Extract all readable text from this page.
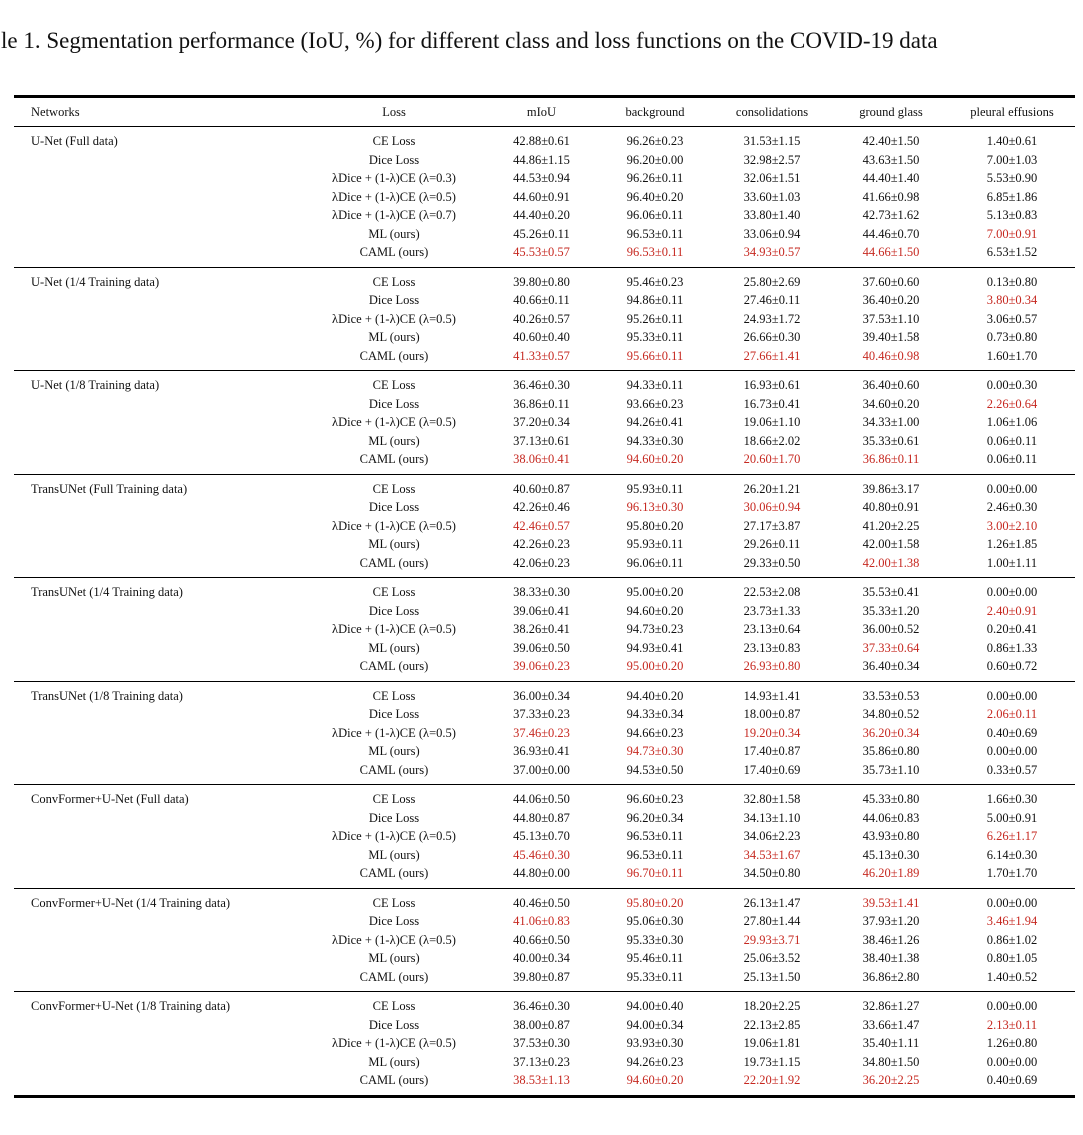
le 1. Segmentation performance (IoU, %) for different class and loss functions on the COVID-19 data
Networks	Loss	mIoU	background	consolidations	ground glass	pleural effusions
U-Net (Full data)	CE Loss	42.88±0.61	96.26±0.23	31.53±1.15	42.40±1.50	1.40±0.61
	Dice Loss	44.86±1.15	96.20±0.00	32.98±2.57	43.63±1.50	7.00±1.03
	λDice + (1-λ)CE (λ=0.3)	44.53±0.94	96.26±0.11	32.06±1.51	44.40±1.40	5.53±0.90
	λDice + (1-λ)CE (λ=0.5)	44.60±0.91	96.40±0.20	33.60±1.03	41.66±0.98	6.85±1.86
	λDice + (1-λ)CE (λ=0.7)	44.40±0.20	96.06±0.11	33.80±1.40	42.73±1.62	5.13±0.83
	ML (ours)	45.26±0.11	96.53±0.11	33.06±0.94	44.46±0.70	7.00±0.91
	CAML (ours)	45.53±0.57	96.53±0.11	34.93±0.57	44.66±1.50	6.53±1.52
U-Net (1/4 Training data)	CE Loss	39.80±0.80	95.46±0.23	25.80±2.69	37.60±0.60	0.13±0.80
	Dice Loss	40.66±0.11	94.86±0.11	27.46±0.11	36.40±0.20	3.80±0.34
	λDice + (1-λ)CE (λ=0.5)	40.26±0.57	95.26±0.11	24.93±1.72	37.53±1.10	3.06±0.57
	ML (ours)	40.60±0.40	95.33±0.11	26.66±0.30	39.40±1.58	0.73±0.80
	CAML (ours)	41.33±0.57	95.66±0.11	27.66±1.41	40.46±0.98	1.60±1.70
U-Net (1/8 Training data)	CE Loss	36.46±0.30	94.33±0.11	16.93±0.61	36.40±0.60	0.00±0.30
	Dice Loss	36.86±0.11	93.66±0.23	16.73±0.41	34.60±0.20	2.26±0.64
	λDice + (1-λ)CE (λ=0.5)	37.20±0.34	94.26±0.41	19.06±1.10	34.33±1.00	1.06±1.06
	ML (ours)	37.13±0.61	94.33±0.30	18.66±2.02	35.33±0.61	0.06±0.11
	CAML (ours)	38.06±0.41	94.60±0.20	20.60±1.70	36.86±0.11	0.06±0.11
TransUNet (Full Training data)	CE Loss	40.60±0.87	95.93±0.11	26.20±1.21	39.86±3.17	0.00±0.00
	Dice Loss	42.26±0.46	96.13±0.30	30.06±0.94	40.80±0.91	2.46±0.30
	λDice + (1-λ)CE (λ=0.5)	42.46±0.57	95.80±0.20	27.17±3.87	41.20±2.25	3.00±2.10
	ML (ours)	42.26±0.23	95.93±0.11	29.26±0.11	42.00±1.58	1.26±1.85
	CAML (ours)	42.06±0.23	96.06±0.11	29.33±0.50	42.00±1.38	1.00±1.11
TransUNet (1/4 Training data)	CE Loss	38.33±0.30	95.00±0.20	22.53±2.08	35.53±0.41	0.00±0.00
	Dice Loss	39.06±0.41	94.60±0.20	23.73±1.33	35.33±1.20	2.40±0.91
	λDice + (1-λ)CE (λ=0.5)	38.26±0.41	94.73±0.23	23.13±0.64	36.00±0.52	0.20±0.41
	ML (ours)	39.06±0.50	94.93±0.41	23.13±0.83	37.33±0.64	0.86±1.33
	CAML (ours)	39.06±0.23	95.00±0.20	26.93±0.80	36.40±0.34	0.60±0.72
TransUNet (1/8 Training data)	CE Loss	36.00±0.34	94.40±0.20	14.93±1.41	33.53±0.53	0.00±0.00
	Dice Loss	37.33±0.23	94.33±0.34	18.00±0.87	34.80±0.52	2.06±0.11
	λDice + (1-λ)CE (λ=0.5)	37.46±0.23	94.66±0.23	19.20±0.34	36.20±0.34	0.40±0.69
	ML (ours)	36.93±0.41	94.73±0.30	17.40±0.87	35.86±0.80	0.00±0.00
	CAML (ours)	37.00±0.00	94.53±0.50	17.40±0.69	35.73±1.10	0.33±0.57
ConvFormer+U-Net (Full data)	CE Loss	44.06±0.50	96.60±0.23	32.80±1.58	45.33±0.80	1.66±0.30
	Dice Loss	44.80±0.87	96.20±0.34	34.13±1.10	44.06±0.83	5.00±0.91
	λDice + (1-λ)CE (λ=0.5)	45.13±0.70	96.53±0.11	34.06±2.23	43.93±0.80	6.26±1.17
	ML (ours)	45.46±0.30	96.53±0.11	34.53±1.67	45.13±0.30	6.14±0.30
	CAML (ours)	44.80±0.00	96.70±0.11	34.50±0.80	46.20±1.89	1.70±1.70
ConvFormer+U-Net (1/4 Training data)	CE Loss	40.46±0.50	95.80±0.20	26.13±1.47	39.53±1.41	0.00±0.00
	Dice Loss	41.06±0.83	95.06±0.30	27.80±1.44	37.93±1.20	3.46±1.94
	λDice + (1-λ)CE (λ=0.5)	40.66±0.50	95.33±0.30	29.93±3.71	38.46±1.26	0.86±1.02
	ML (ours)	40.00±0.34	95.46±0.11	25.06±3.52	38.40±1.38	0.80±1.05
	CAML (ours)	39.80±0.87	95.33±0.11	25.13±1.50	36.86±2.80	1.40±0.52
ConvFormer+U-Net (1/8 Training data)	CE Loss	36.46±0.30	94.00±0.40	18.20±2.25	32.86±1.27	0.00±0.00
	Dice Loss	38.00±0.87	94.00±0.34	22.13±2.85	33.66±1.47	2.13±0.11
	λDice + (1-λ)CE (λ=0.5)	37.53±0.30	93.93±0.30	19.06±1.81	35.40±1.11	1.26±0.80
	ML (ours)	37.13±0.23	94.26±0.23	19.73±1.15	34.80±1.50	0.00±0.00
	CAML (ours)	38.53±1.13	94.60±0.20	22.20±1.92	36.20±2.25	0.40±0.69
